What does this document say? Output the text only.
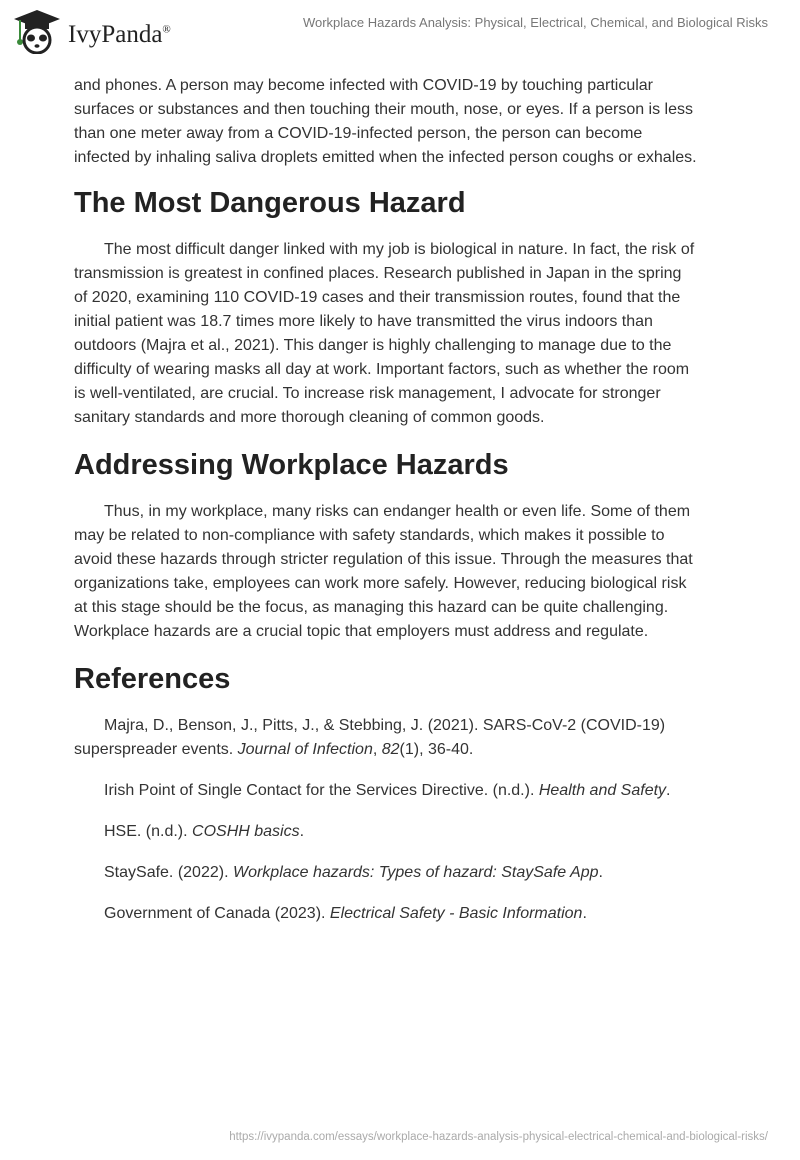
IvyPanda®	Workplace Hazards Analysis: Physical, Electrical, Chemical, and Biological Risks
and phones. A person may become infected with COVID-19 by touching particular
surfaces or substances and then touching their mouth, nose, or eyes. If a person is less
than one meter away from a COVID-19-infected person, the person can become
infected by inhaling saliva droplets emitted when the infected person coughs or exhales.
The Most Dangerous Hazard
The most difficult danger linked with my job is biological in nature. In fact, the risk of
transmission is greatest in confined places. Research published in Japan in the spring
of 2020, examining 110 COVID-19 cases and their transmission routes, found that the
initial patient was 18.7 times more likely to have transmitted the virus indoors than
outdoors (Majra et al., 2021). This danger is highly challenging to manage due to the
difficulty of wearing masks all day at work. Important factors, such as whether the room
is well-ventilated, are crucial. To increase risk management, I advocate for stronger
sanitary standards and more thorough cleaning of common goods.
Addressing Workplace Hazards
Thus, in my workplace, many risks can endanger health or even life. Some of them
may be related to non-compliance with safety standards, which makes it possible to
avoid these hazards through stricter regulation of this issue. Through the measures that
organizations take, employees can work more safely. However, reducing biological risk
at this stage should be the focus, as managing this hazard can be quite challenging.
Workplace hazards are a crucial topic that employers must address and regulate.
References
Majra, D., Benson, J., Pitts, J., & Stebbing, J. (2021). SARS-CoV-2 (COVID-19)
superspreader events. Journal of Infection, 82(1), 36-40.
Irish Point of Single Contact for the Services Directive. (n.d.). Health and Safety.
HSE. (n.d.). COSHH basics.
StaySafe. (2022). Workplace hazards: Types of hazard: StaySafe App.
Government of Canada (2023). Electrical Safety - Basic Information.
https://ivypanda.com/essays/workplace-hazards-analysis-physical-electrical-chemical-and-biological-risks/
